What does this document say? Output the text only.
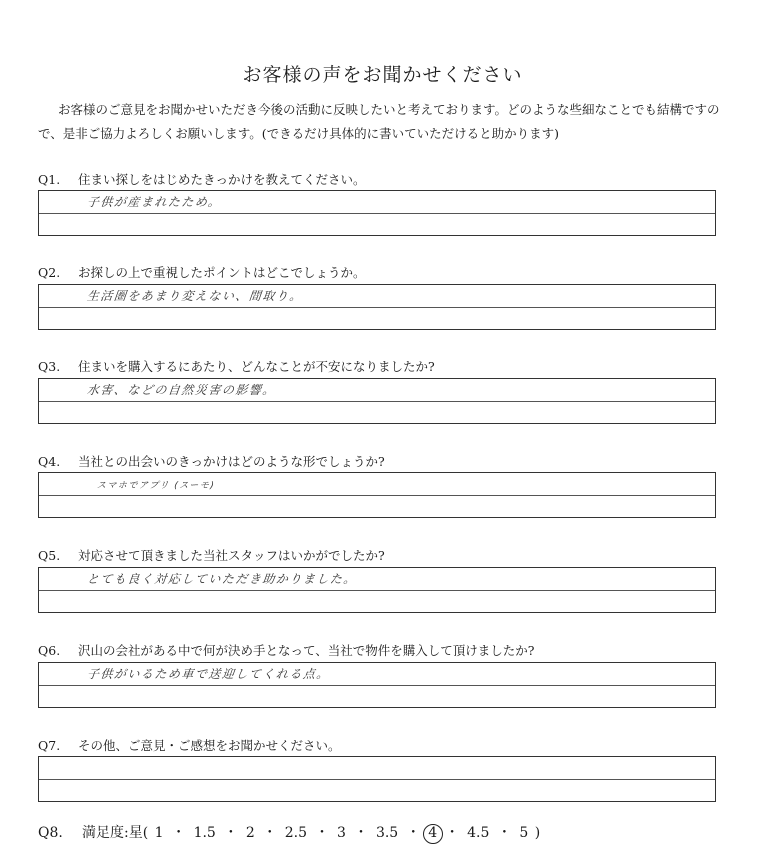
お客様の声をお聞かせください

お客様のご意見をお聞かせいただき今後の活動に反映したいと考えております。どのような些細なことでも結構ですので、是非ご協力よろしくお願いします。(できるだけ具体的に書いていただけると助かります)

Q1. 住まい探しをはじめたきっかけを教えてください。
子供が産まれたため。
Q2. お探しの上で重視したポイントはどこでしょうか。
生活圏をあまり変えない、間取り。
Q3. 住まいを購入するにあたり、どんなことが不安になりましたか?
水害、などの自然災害の影響。
Q4. 当社との出会いのきっかけはどのような形でしょうか?
スマホでアプリ (スーモ)
Q5. 対応させて頂きました当社スタッフはいかがでしたか?
とても良く対応していただき助かりました。
Q6. 沢山の会社がある中で何が決め手となって、当社で物件を購入して頂けましたか?
子供がいるため車で送迎してくれる点。
Q7. その他、ご意見・ご感想をお聞かせください。
Q8. 満足度:星( 1 ・ 1.5 ・ 2 ・ 2.5 ・ 3 ・ 3.5 ・ 4 ・ 4.5 ・ 5 )
